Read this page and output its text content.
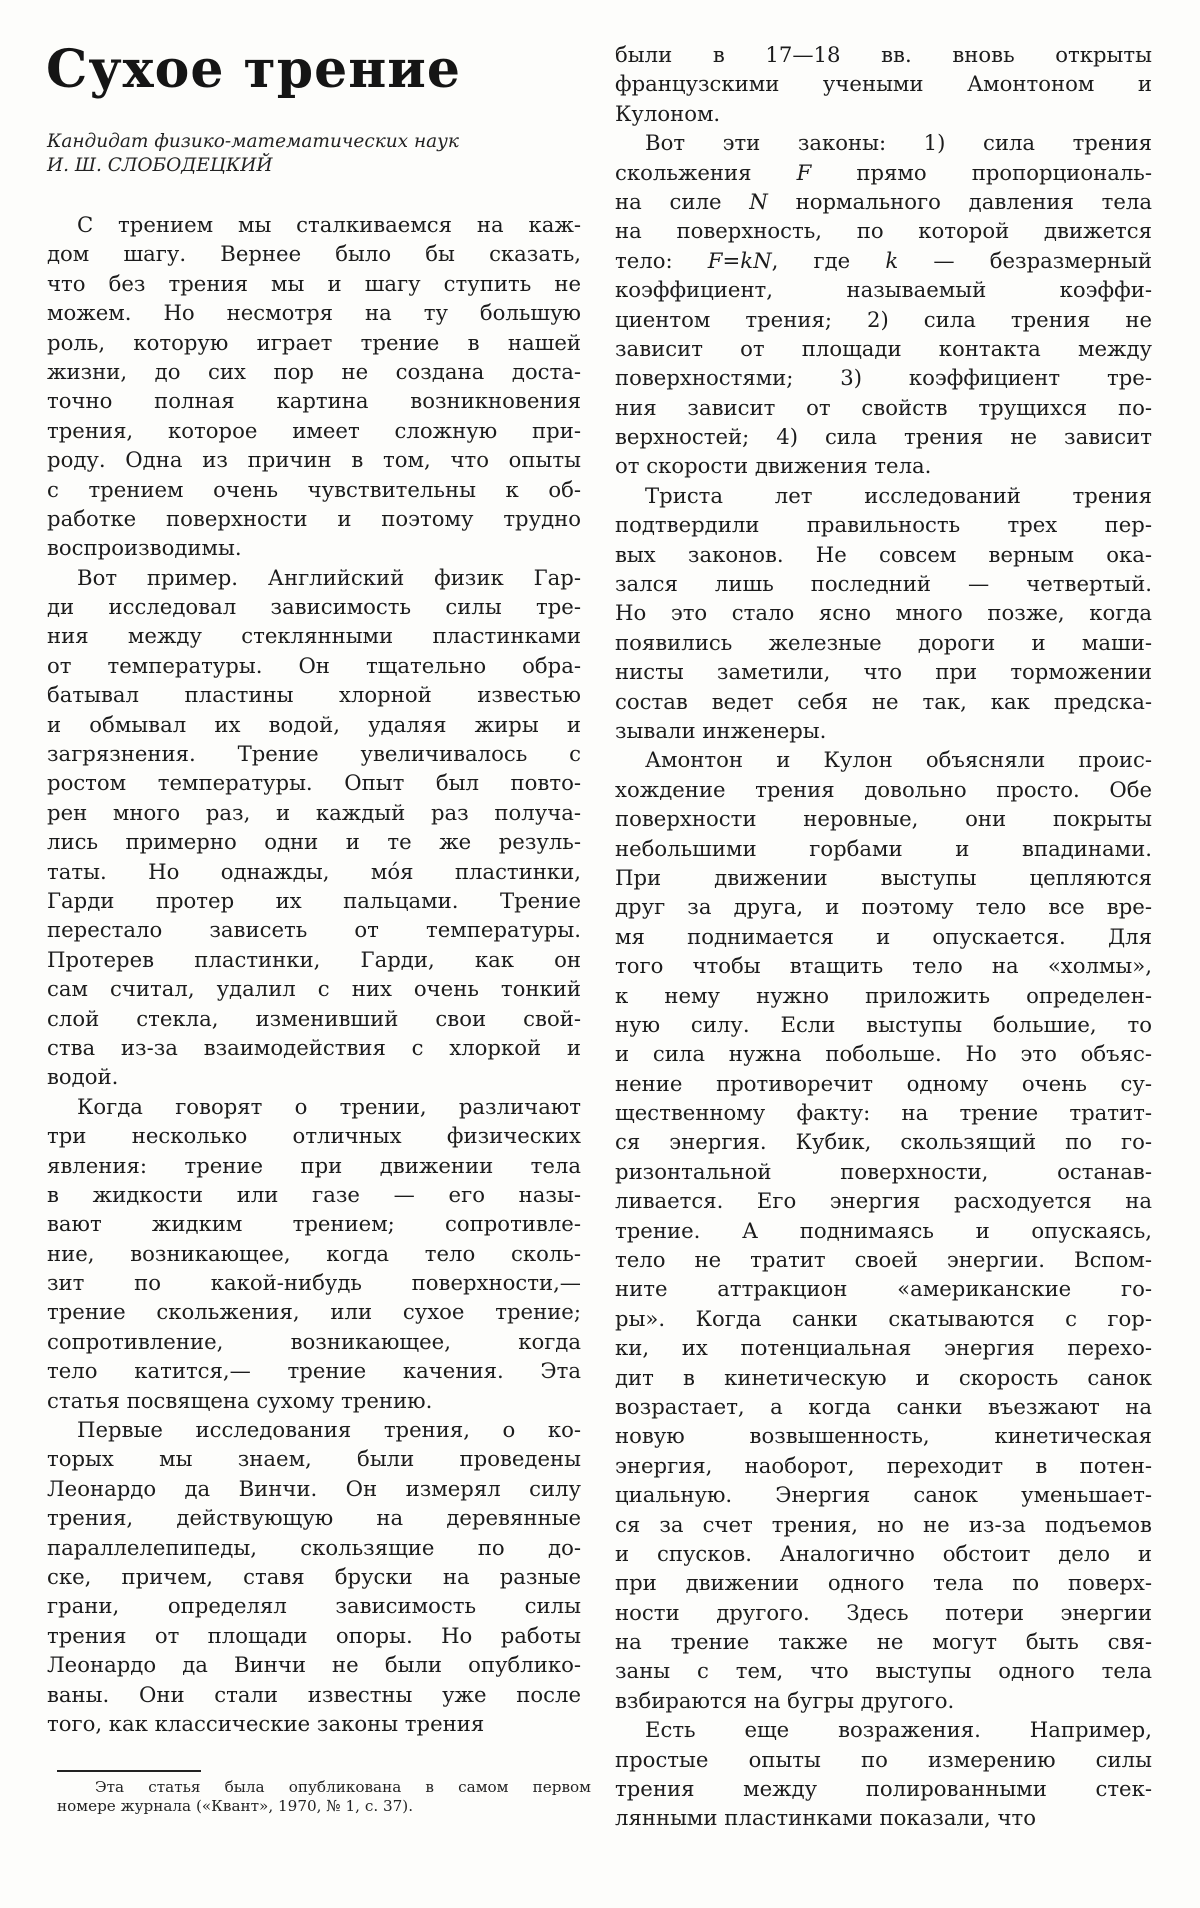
Сухое трение
Кандидат физико-математических наук
И. Ш. СЛОБОДЕЦКИЙ
С трением мы сталкиваемся на каж-
дом шагу. Вернее было бы сказать,
что без трения мы и шагу ступить не
можем. Но несмотря на ту большую
роль, которую играет трение в нашей
жизни, до сих пор не создана доста-
точно полная картина возникновения
трения, которое имеет сложную при-
роду. Одна из причин в том, что опыты
с трением очень чувствительны к об-
работке поверхности и поэтому трудно
воспроизводимы.
Вот пример. Английский физик Гар-
ди исследовал зависимость силы тре-
ния между стеклянными пластинками
от температуры. Он тщательно обра-
батывал пластины хлорной известью
и обмывал их водой, удаляя жиры и
загрязнения. Трение увеличивалось с
ростом температуры. Опыт был повто-
рен много раз, и каждый раз получа-
лись примерно одни и те же резуль-
таты. Но однажды, мóя пластинки,
Гарди протер их пальцами. Трение
перестало зависеть от температуры.
Протерев пластинки, Гарди, как он
сам считал, удалил с них очень тонкий
слой стекла, изменивший свои свой-
ства из-за взаимодействия с хлоркой и
водой.
Когда говорят о трении, различают
три несколько отличных физических
явления: трение при движении тела
в жидкости или газе — его назы-
вают жидким трением; сопротивле-
ние, возникающее, когда тело сколь-
зит по какой-нибудь поверхности,—
трение скольжения, или сухое трение;
сопротивление, возникающее, когда
тело катится,— трение качения. Эта
статья посвящена сухому трению.
Первые исследования трения, о ко-
торых мы знаем, были проведены
Леонардо да Винчи. Он измерял силу
трения, действующую на деревянные
параллелепипеды, скользящие по до-
ске, причем, ставя бруски на разные
грани, определял зависимость силы
трения от площади опоры. Но работы
Леонардо да Винчи не были опублико-
ваны. Они стали известны уже после
того, как классические законы трения
были в 17—18 вв. вновь открыты
французскими учеными Амонтоном и
Кулоном.
Вот эти законы: 1) сила трения
скольжения F прямо пропорциональ-
на силе N нормального давления тела
на поверхность, по которой движется
тело: F=kN, где k — безразмерный
коэффициент, называемый коэффи-
циентом трения; 2) сила трения не
зависит от площади контакта между
поверхностями; 3) коэффициент тре-
ния зависит от свойств трущихся по-
верхностей; 4) сила трения не зависит
от скорости движения тела.
Триста лет исследований трения
подтвердили правильность трех пер-
вых законов. Не совсем верным ока-
зался лишь последний — четвертый.
Но это стало ясно много позже, когда
появились железные дороги и маши-
нисты заметили, что при торможении
состав ведет себя не так, как предска-
зывали инженеры.
Амонтон и Кулон объясняли проис-
хождение трения довольно просто. Обе
поверхности неровные, они покрыты
небольшими горбами и впадинами.
При движении выступы цепляются
друг за друга, и поэтому тело все вре-
мя поднимается и опускается. Для
того чтобы втащить тело на «холмы»,
к нему нужно приложить определен-
ную силу. Если выступы большие, то
и сила нужна побольше. Но это объяс-
нение противоречит одному очень су-
щественному факту: на трение тратит-
ся энергия. Кубик, скользящий по го-
ризонтальной поверхности, останав-
ливается. Его энергия расходуется на
трение. А поднимаясь и опускаясь,
тело не тратит своей энергии. Вспом-
ните аттракцион «американские го-
ры». Когда санки скатываются с гор-
ки, их потенциальная энергия перехо-
дит в кинетическую и скорость санок
возрастает, а когда санки въезжают на
новую возвышенность, кинетическая
энергия, наоборот, переходит в потен-
циальную. Энергия санок уменьшает-
ся за счет трения, но не из-за подъемов
и спусков. Аналогично обстоит дело и
при движении одного тела по поверх-
ности другого. Здесь потери энергии
на трение также не могут быть свя-
заны с тем, что выступы одного тела
взбираются на бугры другого.
Есть еще возражения. Например,
простые опыты по измерению силы
трения между полированными стек-
лянными пластинками показали, что
Эта статья была опубликована в самом первом
номере журнала («Квант», 1970, № 1, с. 37).
